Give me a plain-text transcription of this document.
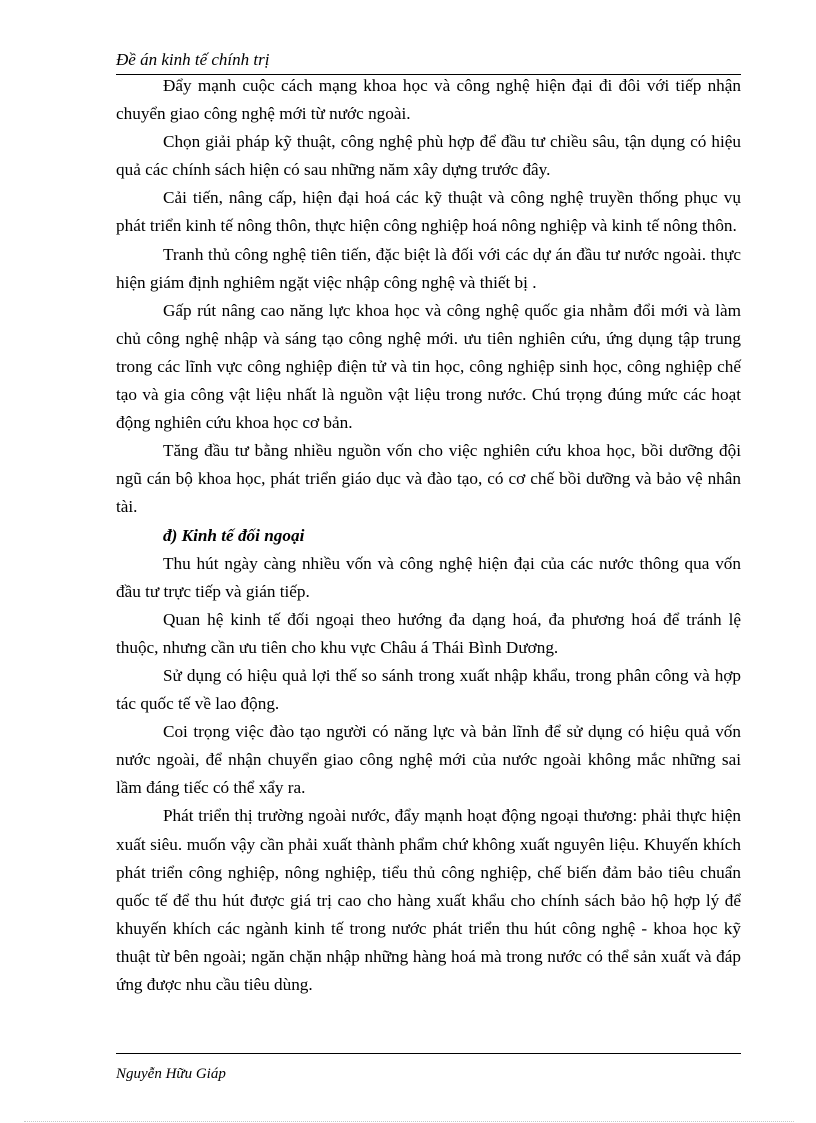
Đề án kinh tế chính trị

Đẩy mạnh cuộc cách mạng khoa học và công nghệ hiện đại đi đôi với tiếp nhận chuyển giao công nghệ mới từ nước ngoài.

Chọn giải pháp kỹ thuật, công nghệ phù hợp để đầu tư chiều sâu, tận dụng có hiệu quả các chính sách hiện có sau những năm xây dựng trước đây.

Cải tiến, nâng cấp, hiện đại hoá các kỹ thuật và công nghệ truyền thống phục vụ phát triển kinh tế nông thôn, thực hiện công nghiệp hoá nông nghiệp và kinh tế nông thôn.

Tranh thủ công nghệ tiên tiến, đặc biệt là đối với các dự án đầu tư nước ngoài. thực hiện giám định nghiêm ngặt việc nhập công nghệ và thiết bị .

Gấp rút nâng cao năng lực khoa học và công nghệ quốc gia nhằm đổi mới và làm chủ công nghệ nhập và sáng tạo công nghệ mới. ưu tiên nghiên cứu, ứng dụng tập trung trong các lĩnh vực công nghiệp điện tử và tin học, công nghiệp sinh học, công nghiệp chế tạo và gia công vật liệu nhất là nguồn vật liệu trong nước. Chú trọng đúng mức các hoạt động nghiên cứu khoa học cơ bản.

Tăng đầu tư bằng nhiều nguồn vốn cho việc nghiên cứu khoa học, bồi dưỡng đội ngũ cán bộ khoa học, phát triển giáo dục và đào tạo, có cơ chế bồi dưỡng và bảo vệ nhân tài.

đ) Kinh tế đối ngoại

Thu hút ngày càng nhiều vốn và công nghệ hiện đại của các nước thông qua vốn đầu tư trực tiếp và gián tiếp.

Quan hệ kinh tế đối ngoại theo hướng đa dạng hoá, đa phương hoá để tránh lệ thuộc, nhưng cần ưu tiên cho khu vực Châu á Thái Bình Dương.

Sử dụng có hiệu quả lợi thế so sánh trong xuất nhập khẩu, trong phân công và hợp tác quốc tế về lao động.

Coi trọng việc đào tạo người có năng lực và bản lĩnh để sử dụng có hiệu quả vốn nước ngoài, để nhận chuyển giao công nghệ mới của nước ngoài không mắc những sai lầm đáng tiếc có thể xẩy ra.

Phát triển thị trường ngoài nước, đẩy mạnh hoạt động ngoại thương: phải thực hiện xuất siêu. muốn vậy cần phải xuất thành phẩm chứ không xuất nguyên liệu. Khuyến khích phát triển công nghiệp, nông nghiệp, tiểu thủ công nghiệp, chế biến đảm bảo tiêu chuẩn quốc tế để thu hút được giá trị cao cho hàng xuất khẩu cho chính sách bảo hộ hợp lý để khuyến khích các ngành kinh tế trong nước phát triển thu hút công nghệ - khoa học kỹ thuật từ bên ngoài; ngăn chặn nhập những hàng hoá mà trong nước có thể sản xuất và đáp ứng được nhu cầu tiêu dùng.

Nguyễn Hữu Giáp
